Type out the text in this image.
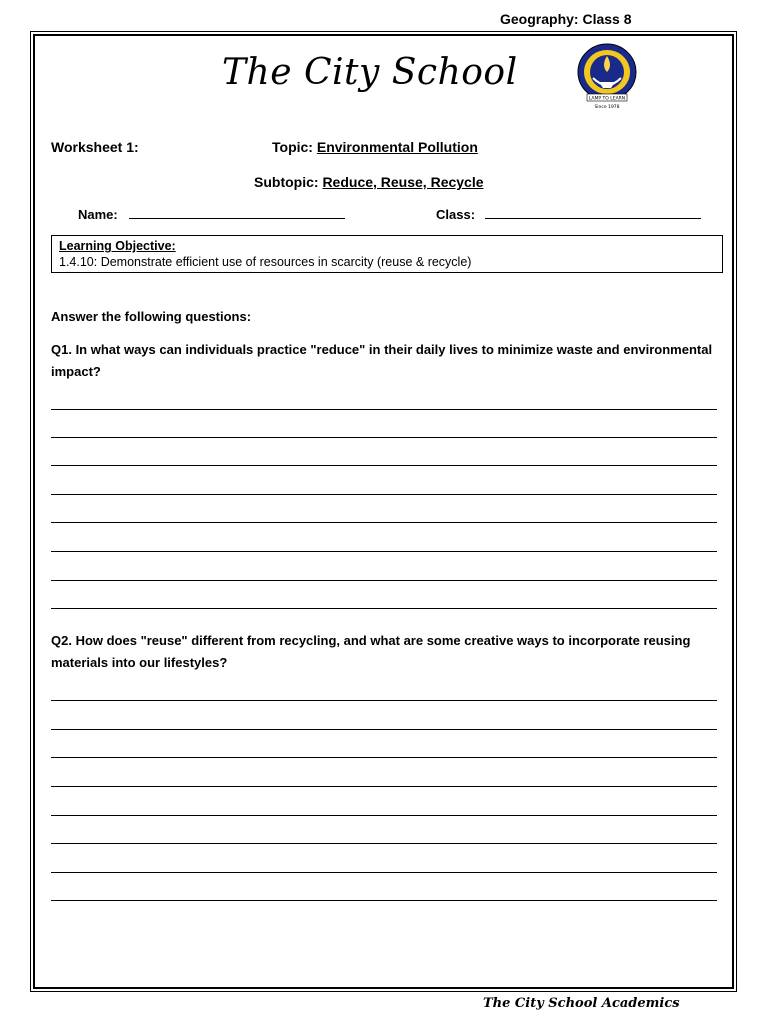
Geography: Class 8
The City School
LAMP TO LEARN
Since 1978
Worksheet 1:	Topic: Environmental Pollution
Subtopic: Reduce, Reuse, Recycle
Name:	Class:
Learning Objective:
1.4.10: Demonstrate efficient use of resources in scarcity (reuse & recycle)
Answer the following questions:
Q1. In what ways can individuals practice "reduce" in their daily lives to minimize waste and environmental impact?
Q2. How does "reuse" different from recycling, and what are some creative ways to incorporate reusing materials into our lifestyles?
The City School Academics
